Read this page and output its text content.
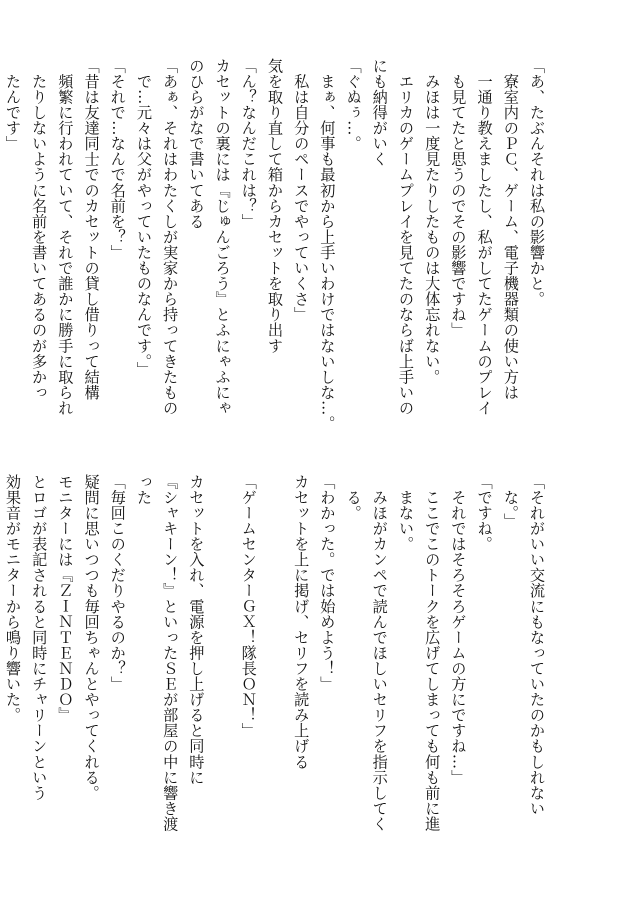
「あ、たぶんそれは私の影響かと。
　寮室内のＰＣ、ゲーム、電子機器類の使い方は
　一通り教えましたし、私がしてたゲームのプレイ
　も見てたと思うのでその影響ですね」
　みほは一度見たりしたものは大体忘れない。
　エリカのゲームプレイを見てたのならば上手いの
にも納得がいく
「ぐぬぅ…。
　まぁ、何事も最初から上手いわけではないしな…。
　私は自分のペースでやっていくさ」
気を取り直して箱からカセットを取り出す
「ん？なんだこれは？」
カセットの裏には『じゅんごろう』とふにゃふにゃ
のひらがなで書いてある
「あぁ、それはわたくしが実家から持ってきたもの
　で…元々は父がやっていたものなんです。」
「それで…なんで名前を？」
「昔は友達同士でのカセットの貸し借りって結構
　頻繁に行われていて、それで誰かに勝手に取られ
　たりしないように名前を書いてあるのが多かっ
　たんです」
「それがいい交流にもなっていたのかもしれない
　な。」
「ですね。
　それではそろそろゲームの方にですね…」
　ここでこのトークを広げてしまっても何も前に進
　まない。
　みほがカンペで読んでほしいセリフを指示してく
　る。
「わかった。では始めよう！」
カセットを上に掲げ、セリフを読み上げる
「ゲームセンターＧＸ！隊長ＯＮ！」
カセットを入れ、電源を押し上げると同時に
『シャキーン！』といったＳＥが部屋の中に響き渡
った
「毎回このくだりやるのか？」
疑問に思いつつも毎回ちゃんとやってくれる。
モニターには『ＺＩＮＴＥＮＤＯ』
とロゴが表記されると同時にチャリーンという
効果音がモニターから鳴り響いた。
